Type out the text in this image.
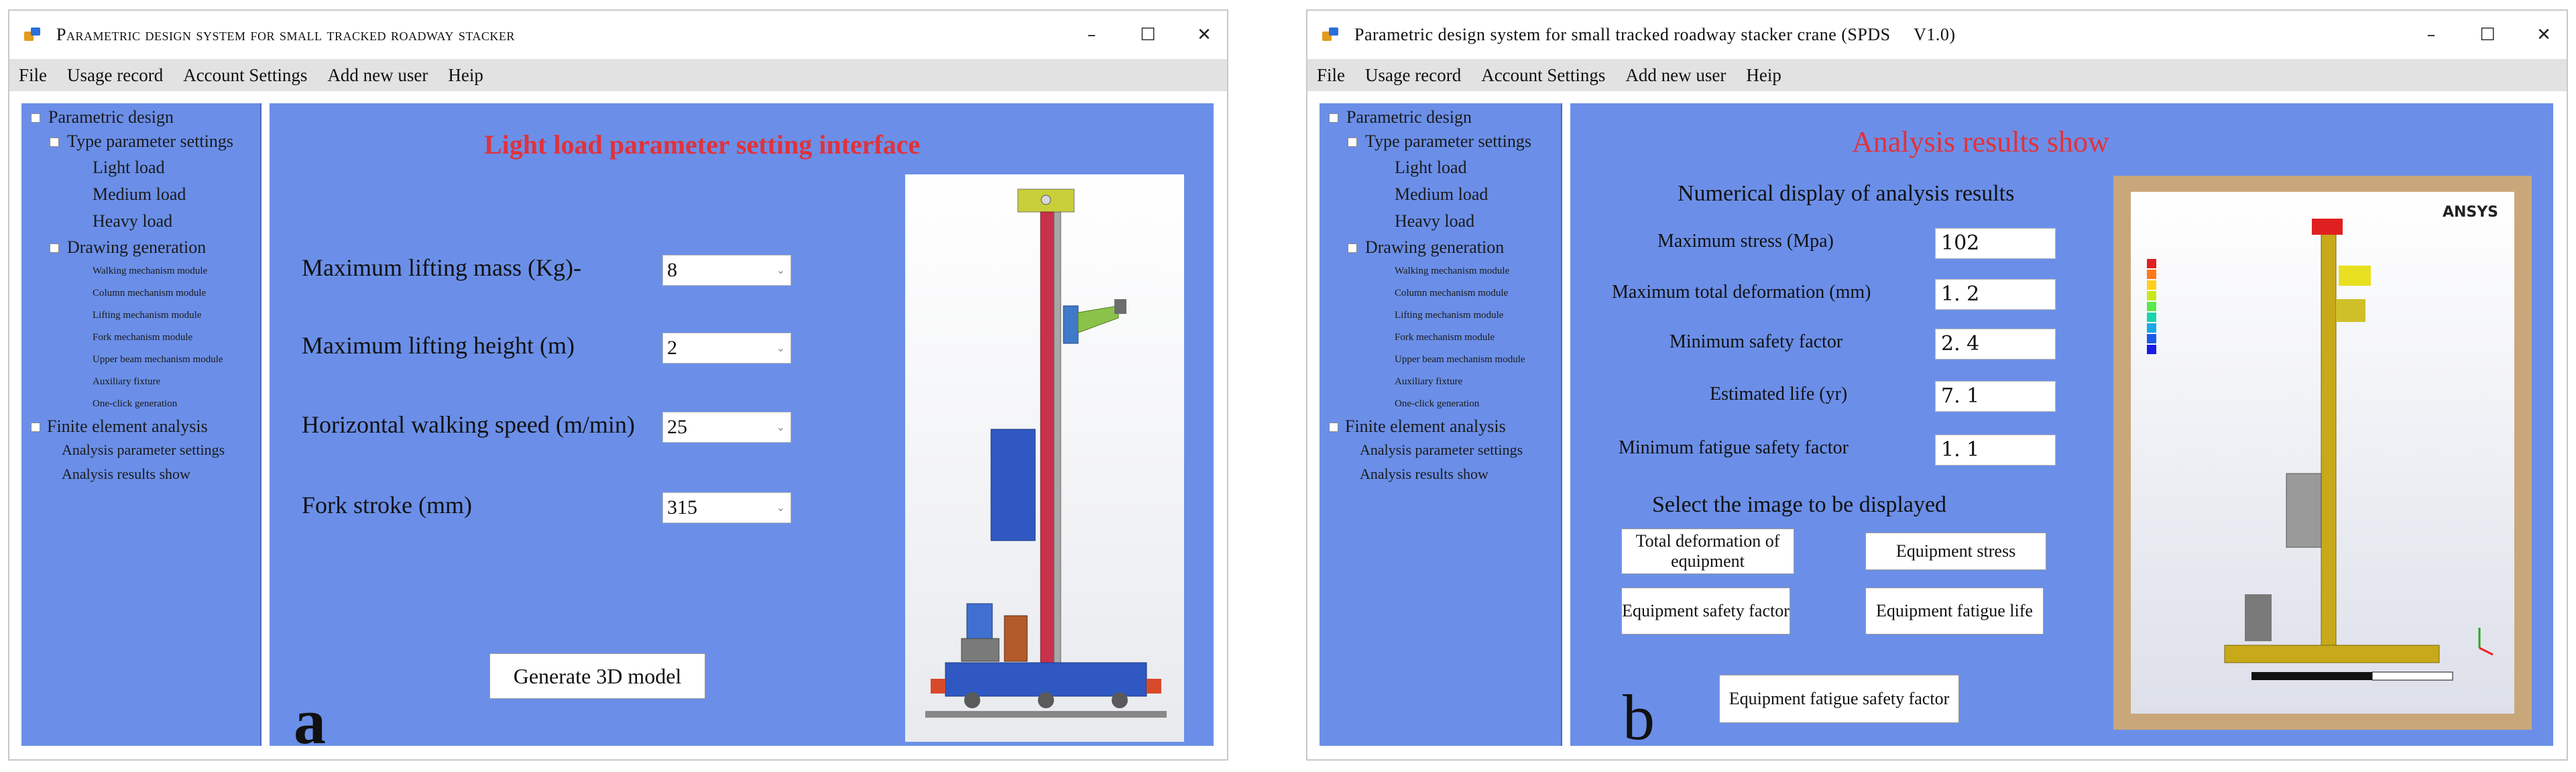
Parametric design system for small tracked roadway stacker	–	☐ ✕
File Usage record Account Settings Add new user Heip
Parametric design
Type parameter settings
Light load
Medium load
Heavy load
Drawing generation
Walking mechanism module
Column mechanism module
Lifting mechanism module
Fork mechanism module
Upper beam mechanism module
Auxiliary fixture
One-click generation
Finite element analysis
Analysis parameter settings
Analysis results show
Light load parameter setting interface
Maximum lifting mass (Kg)-	8	⌄
Maximum lifting height (m)	2	⌄
Horizontal walking speed (m/min) 25	⌄
Fork stroke (mm)	315	⌄
Generate 3D model
a
Parametric design system for small tracked roadway stacker crane (SPDS     V1.0)	–	☐ ✕
File Usage record Account Settings Add new user Heip
Parametric design
Type parameter settings
Light load
Medium load
Heavy load
Drawing generation
Walking mechanism module
Column mechanism module
Lifting mechanism module
Fork mechanism module
Upper beam mechanism module
Auxiliary fixture
One-click generation
Finite element analysis
Analysis parameter settings
Analysis results show
Analysis results show
Numerical display of analysis results
Maximum stress (Mpa)	102
Maximum total deformation (mm)	1. 2
Minimum safety factor	2. 4
Estimated life (yr)	7. 1
Minimum fatigue safety factor	1. 1
Select the image to be displayed
Total deformation of equipment
Equipment stress
Equipment safety factor	Equipment fatigue life
Equipment fatigue safety factor
ANSYS
b
